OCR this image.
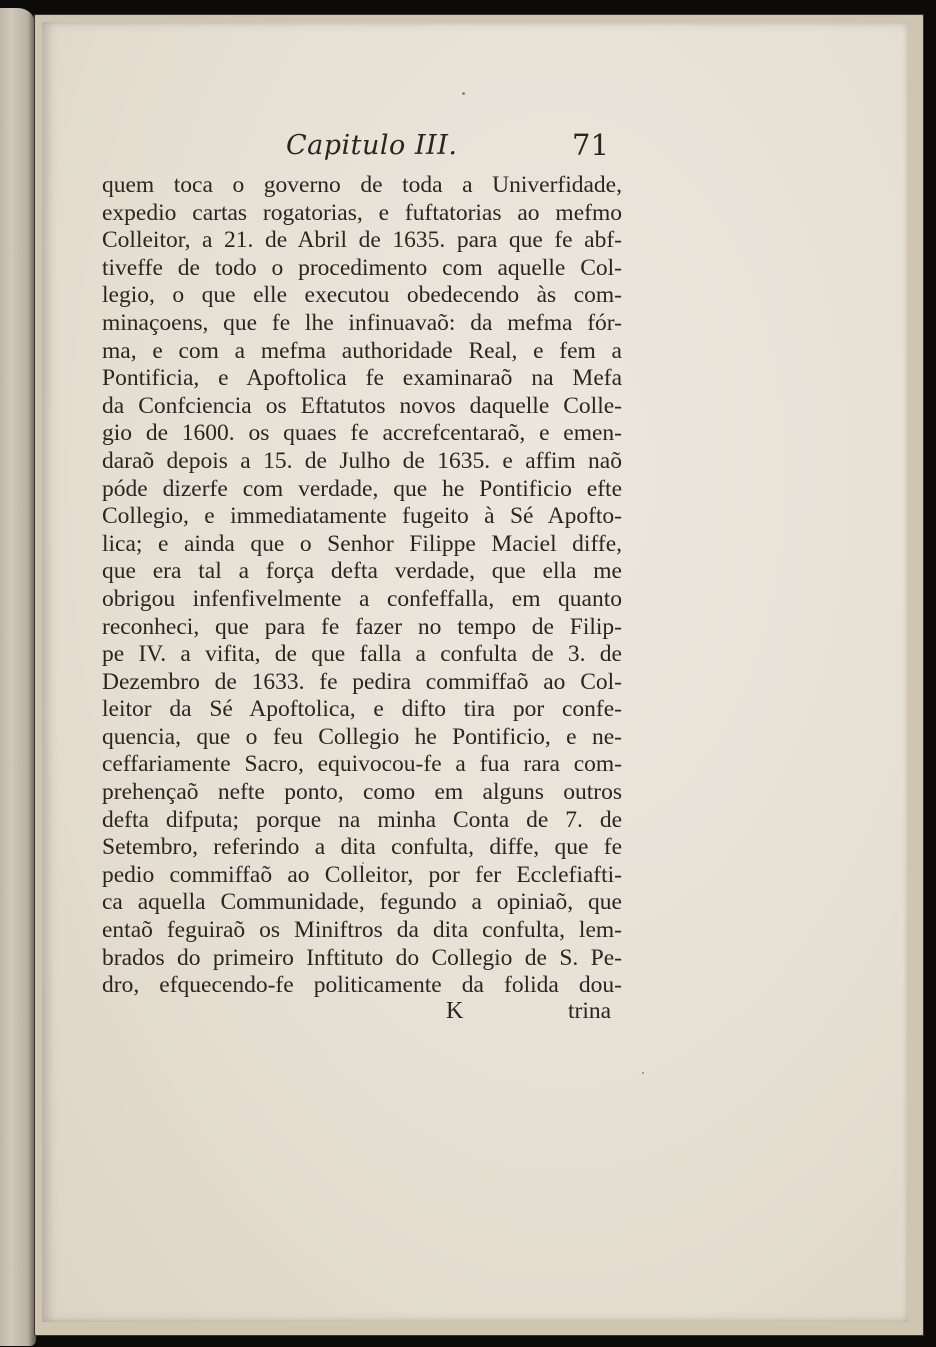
Capitulo III.	71
quem toca o governo de toda a Univerfidade,
expedio cartas rogatorias, e fuftatorias ao mefmo
Colleitor, a 21. de Abril de 1635. para que fe abf-
tiveffe de todo o procedimento com aquelle Col-
legio, o que elle executou obedecendo às com-
minaçoens, que fe lhe infinuavaõ: da mefma fór-
ma, e com a mefma authoridade Real, e fem a
Pontificia, e Apoftolica fe examinaraõ na Mefa
da Confciencia os Eftatutos novos daquelle Colle-
gio de 1600. os quaes fe accrefcentaraõ, e emen-
daraõ depois a 15. de Julho de 1635. e affim naõ
póde dizerfe com verdade, que he Pontificio efte
Collegio, e immediatamente fugeito à Sé Apofto-
lica; e ainda que o Senhor Filippe Maciel diffe,
que era tal a força defta verdade, que ella me
obrigou infenfivelmente a confeffalla, em quanto
reconheci, que para fe fazer no tempo de Filip-
pe IV. a vifita, de que falla a confulta de 3. de
Dezembro de 1633. fe pedira commiffaõ ao Col-
leitor da Sé Apoftolica, e difto tira por confe-
quencia, que o feu Collegio he Pontificio, e ne-
ceffariamente Sacro, equivocou-fe a fua rara com-
prehençaõ nefte ponto, como em alguns outros
defta difputa; porque na minha Conta de 7. de
Setembro, referindo a dita confulta, diffe, que fe
pedio commiffaõ ao Colleitor, por fer Ecclefiafti-
ca aquella Communidade, fegundo a opiniaõ, que
entaõ feguiraõ os Miniftros da dita confulta, lem-
brados do primeiro Inftituto do Collegio de S. Pe-
dro, efquecendo-fe politicamente da folida dou-
K	trina
